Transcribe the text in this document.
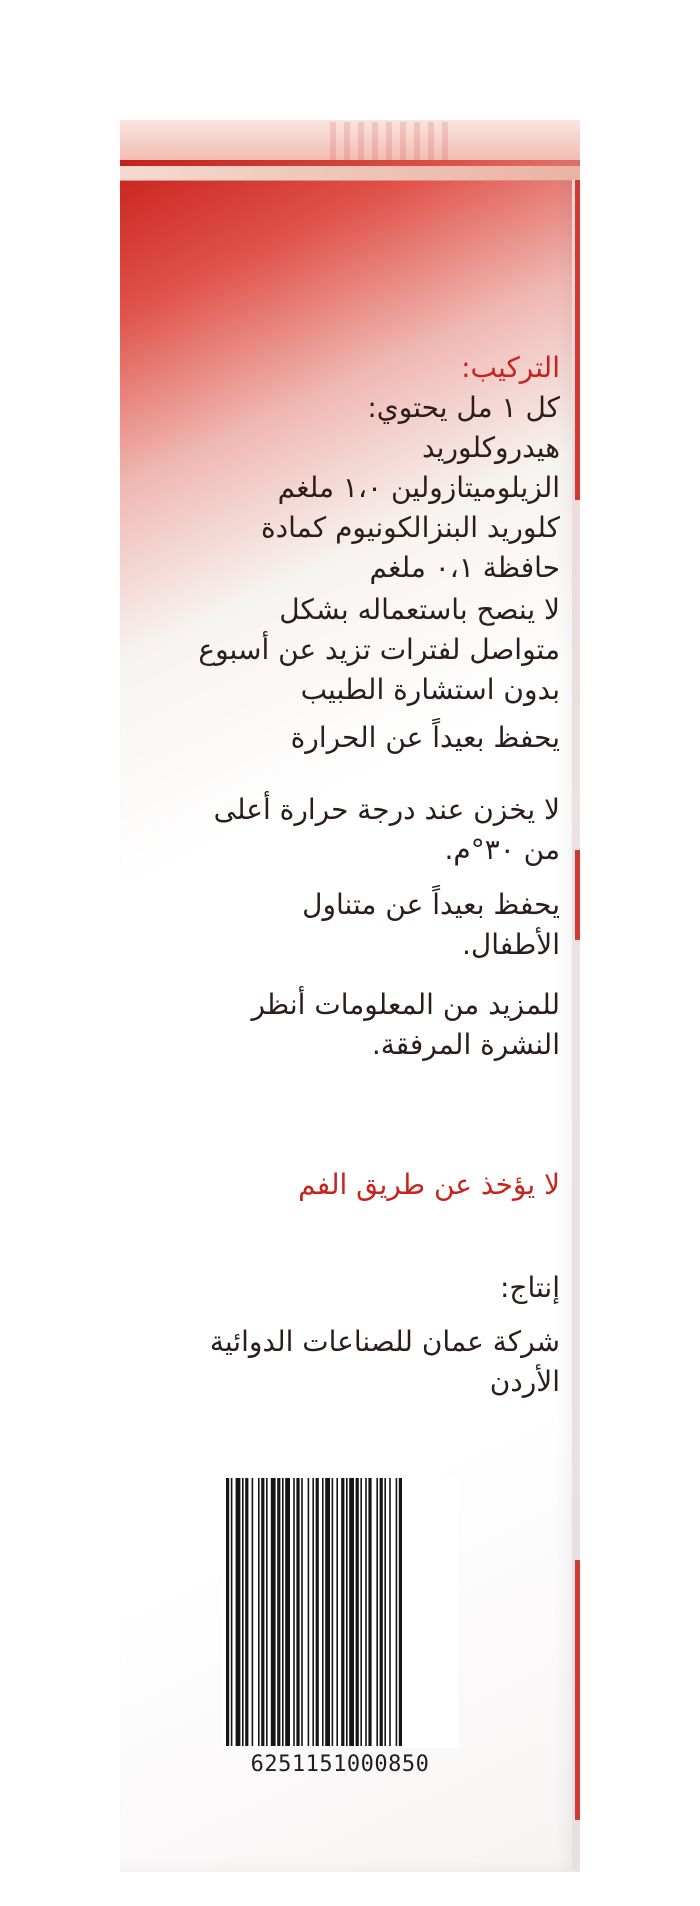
التركيب:
كل ١ مل يحتوي:
هيدروكلوريد
الزيلوميتازولين ١،٠ ملغم
كلوريد البنزالكونيوم كمادة
حافظة ٠،١ ملغم
لا ينصح باستعماله بشكل
متواصل لفترات تزيد عن أسبوع
بدون استشارة الطبيب
يحفظ بعيداً عن الحرارة
لا يخزن عند درجة حرارة أعلى
من ٣٠°م.
يحفظ بعيداً عن متناول
الأطفال.
للمزيد من المعلومات أنظر
النشرة المرفقة.
لا يؤخذ عن طريق الفم
إنتاج:
شركة عمان للصناعات الدوائية
الأردن
6251151000850
